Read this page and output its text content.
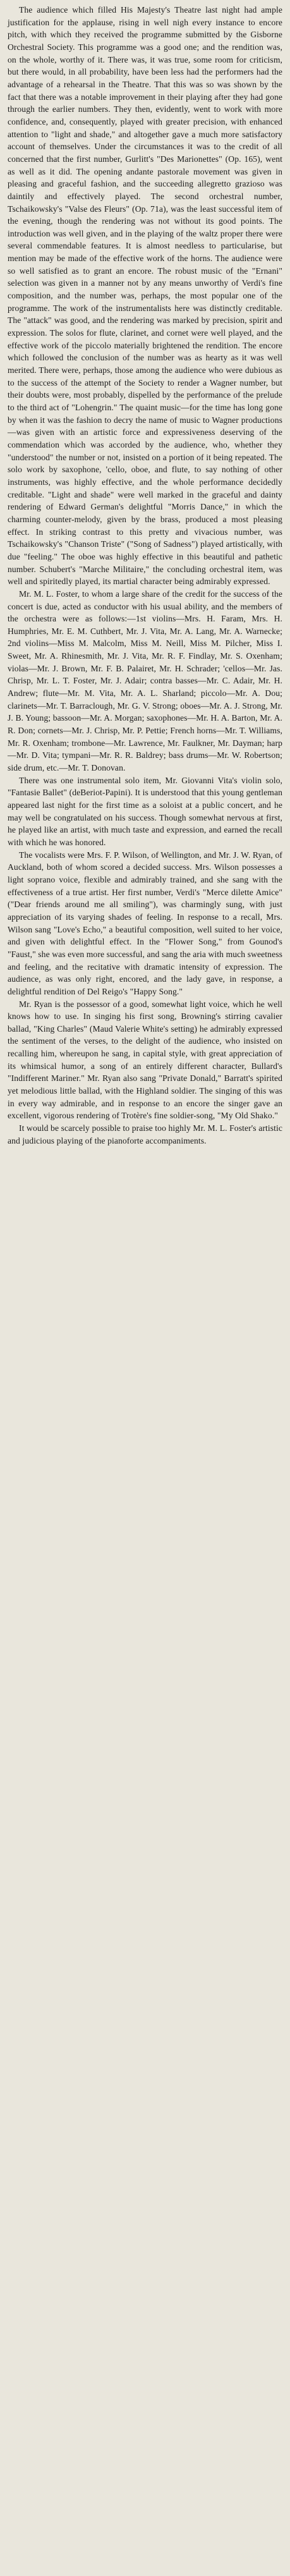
The audience which filled His Majesty's Theatre last night had ample justification for the applause, rising in well nigh every instance to encore pitch, with which they received the programme submitted by the Gisborne Orchestral Society. This programme was a good one; and the rendition was, on the whole, worthy of it. There was, it was true, some room for criticism, but there would, in all probability, have been less had the performers had the advantage of a rehearsal in the Theatre. That this was so was shown by the fact that there was a notable improvement in their playing after they had gone through the earlier numbers. They then, evidently, went to work with more confidence, and, consequently, played with greater precision, with enhanced attention to "light and shade," and altogether gave a much more satisfactory account of themselves. Under the circumstances it was to the credit of all concerned that the first number, Gurlitt's "Des Marionettes" (Op. 165), went as well as it did. The opening andante pastorale movement was given in pleasing and graceful fashion, and the succeeding allegretto grazioso was daintily and effectively played. The second orchestral number, Tschaikowsky's "Valse des Fleurs" (Op. 71a), was the least successful item of the evening, though the rendering was not without its good points. The introduction was well given, and in the playing of the waltz proper there were several commendable features. It is almost needless to particularise, but mention may be made of the effective work of the horns. The audience were so well satisfied as to grant an encore. The robust music of the "Ernani" selection was given in a manner not by any means unworthy of Verdi's fine composition, and the number was, perhaps, the most popular one of the programme. The work of the instrumentalists here was distinctly creditable. The "attack" was good, and the rendering was marked by precision, spirit and expression. The solos for flute, clarinet, and cornet were well played, and the effective work of the piccolo materially brightened the rendition. The encore which followed the conclusion of the number was as hearty as it was well merited. There were, perhaps, those among the audience who were dubious as to the success of the attempt of the Society to render a Wagner number, but their doubts were, most probably, dispelled by the performance of the prelude to the third act of "Lohengrin." The quaint music—for the time has long gone by when it was the fashion to decry the name of music to Wagner productions—was given with an artistic force and expressiveness deserving of the commendation which was accorded by the audience, who, whether they "understood" the number or not, insisted on a portion of it being repeated. The solo work by saxophone, 'cello, oboe, and flute, to say nothing of other instruments, was highly effective, and the whole performance decidedly creditable. "Light and shade" were well marked in the graceful and dainty rendering of Edward German's delightful "Morris Dance," in which the charming counter-melody, given by the brass, produced a most pleasing effect. In striking contrast to this pretty and vivacious number, was Tschaikowsky's "Chanson Triste" ("Song of Sadness") played artistically, with due "feeling." The oboe was highly effective in this beautiful and pathetic number. Schubert's "Marche Militaire," the concluding orchestral item, was well and spiritedly played, its martial character being admirably expressed.

Mr. M. L. Foster, to whom a large share of the credit for the success of the concert is due, acted as conductor with his usual ability, and the members of the orchestra were as follows:—1st violins—Mrs. H. Faram, Mrs. H. Humphries, Mr. E. M. Cuthbert, Mr. J. Vita, Mr. A. Lang, Mr. A. Warnecke; 2nd violins—Miss M. Malcolm, Miss M. Neill, Miss M. Pilcher, Miss I. Sweet, Mr. A. Rhinesmith, Mr. J. Vita, Mr. R. F. Findlay, Mr. S. Oxenham; violas—Mr. J. Brown, Mr. F. B. Palairet, Mr. H. Schrader; 'cellos—Mr. Jas. Chrisp, Mr. L. T. Foster, Mr. J. Adair; contra basses—Mr. C. Adair, Mr. H. Andrew; flute—Mr. M. Vita, Mr. A. L. Sharland; piccolo—Mr. A. Dou; clarinets—Mr. T. Barraclough, Mr. G. V. Strong; oboes—Mr. A. J. Strong, Mr. J. B. Young; bassoon—Mr. A. Morgan; saxophones—Mr. H. A. Barton, Mr. A. R. Don; cornets—Mr. J. Chrisp, Mr. P. Pettie; French horns—Mr. T. Williams, Mr. R. Oxenham; trombone—Mr. Lawrence, Mr. Faulkner, Mr. Dayman; harp—Mr. D. Vita; tympani—Mr. R. R. Baldrey; bass drums—Mr. W. Robertson; side drum, etc.—Mr. T. Donovan.

There was one instrumental solo item, Mr. Giovanni Vita's violin solo, "Fantasie Ballet" (deBeriot-Papini). It is understood that this young gentleman appeared last night for the first time as a soloist at a public concert, and he may well be congratulated on his success. Though somewhat nervous at first, he played like an artist, with much taste and expression, and earned the recall with which he was honored.

The vocalists were Mrs. F. P. Wilson, of Wellington, and Mr. J. W. Ryan, of Auckland, both of whom scored a decided success. Mrs. Wilson possesses a light soprano voice, flexible and admirably trained, and she sang with the effectiveness of a true artist. Her first number, Verdi's "Merce dilette Amice" ("Dear friends around me all smiling"), was charmingly sung, with just appreciation of its varying shades of feeling. In response to a recall, Mrs. Wilson sang "Love's Echo," a beautiful composition, well suited to her voice, and given with delightful effect. In the "Flower Song," from Gounod's "Faust," she was even more successful, and sang the aria with much sweetness and feeling, and the recitative with dramatic intensity of expression. The audience, as was only right, encored, and the lady gave, in response, a delightful rendition of Del Reigo's "Happy Song."

Mr. Ryan is the possessor of a good, somewhat light voice, which he well knows how to use. In singing his first song, Browning's stirring cavalier ballad, "King Charles" (Maud Valerie White's setting) he admirably expressed the sentiment of the verses, to the delight of the audience, who insisted on recalling him, whereupon he sang, in capital style, with great appreciation of its whimsical humor, a song of an entirely different character, Bullard's "Indifferent Mariner." Mr. Ryan also sang "Private Donald," Barratt's spirited yet melodious little ballad, with the Highland soldier. The singing of this was in every way admirable, and in response to an encore the singer gave an excellent, vigorous rendering of Trotère's fine soldier-song, "My Old Shako."

It would be scarcely possible to praise too highly Mr. M. L. Foster's artistic and judicious playing of the pianoforte accompaniments.
